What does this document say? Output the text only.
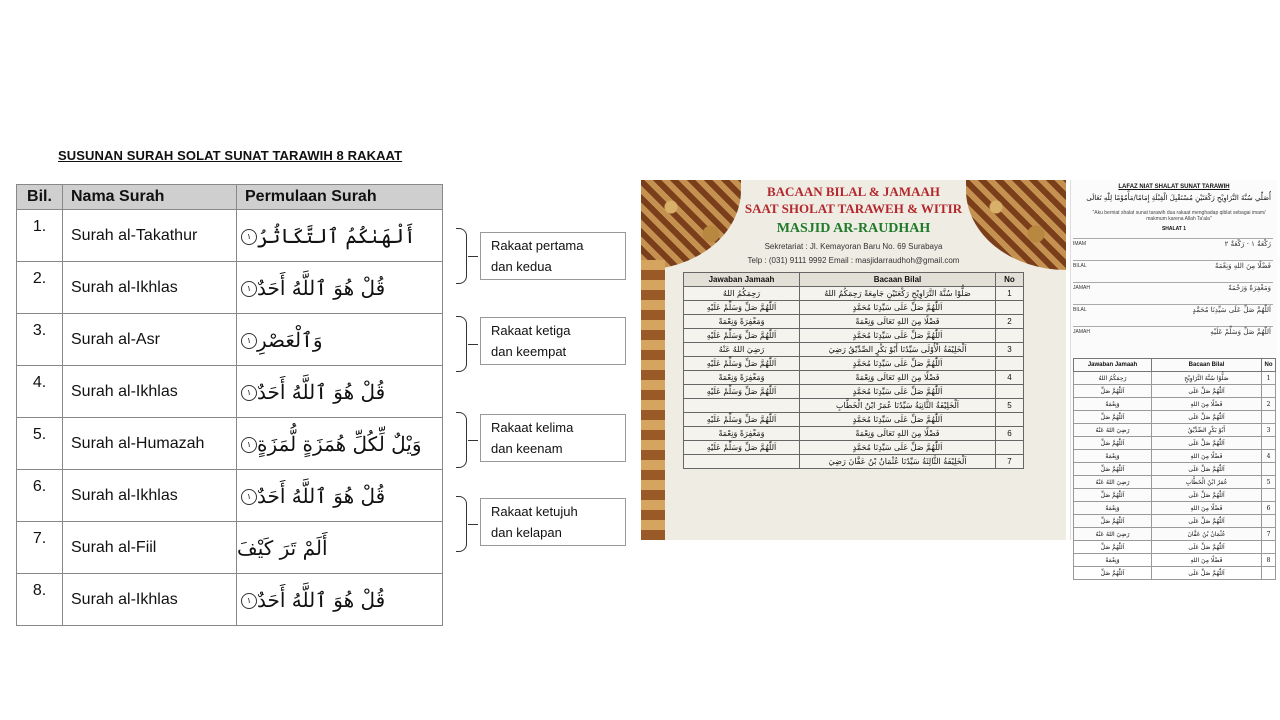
SUSUNAN SURAH SOLAT SUNAT TARAWIH 8 RAKAAT
Bil.	Nama Surah	Permulaan Surah
1.	Surah al-Takathur	أَلْهَىٰكُمُ ٱلتَّكَاثُرُ١
2.	Surah al-Ikhlas	قُلْ هُوَ ٱللَّهُ أَحَدٌ١
3.	Surah al-Asr	وَٱلْعَصْرِ١
4.	Surah al-Ikhlas	قُلْ هُوَ ٱللَّهُ أَحَدٌ١
5.	Surah al-Humazah	وَيْلٌ لِّكُلِّ هُمَزَةٍ لُّمَزَةٍ١
6.	Surah al-Ikhlas	قُلْ هُوَ ٱللَّهُ أَحَدٌ١
7.	Surah al-Fiil	أَلَمْ تَرَ كَيْفَ
8.	Surah al-Ikhlas	قُلْ هُوَ ٱللَّهُ أَحَدٌ١
Rakaat pertama
dan kedua
Rakaat ketiga
dan keempat
Rakaat kelima
dan keenam
Rakaat ketujuh
dan kelapan
BACAAN BILAL & JAMAAH
SAAT SHOLAT TARAWEH & WITIR
MASJID AR-RAUDHAH
Sekretariat : Jl. Kemayoran Baru No. 69 Surabaya
Telp : (031) 9111 9992 Email : masjidarraudhoh@gmail.com
Jawaban Jamaah	Bacaan Bilal	No
رَحِمَكُمُ اللهُ	صَلُّوْا سُنَّةَ التَّرَاوِيْحِ رَكْعَتَيْنِ جَامِعَةً رَحِمَكُمُ اللهُ	1
اَللّٰهُمَّ صَلِّ وَسَلِّمْ عَلَيْهِ	اَللّٰهُمَّ صَلِّ عَلَى سَيِّدِنَا مُحَمَّدٍ	
وَمَغْفِرَةً وَنِعْمَةً	فَضْلًا مِنَ اللهِ تَعَالَى وَنِعْمَةً	2
اَللّٰهُمَّ صَلِّ وَسَلِّمْ عَلَيْهِ	اَللّٰهُمَّ صَلِّ عَلَى سَيِّدِنَا مُحَمَّدٍ	
رَضِيَ اللهُ عَنْهُ	اَلْخَلِيْفَةُ الْأُوْلَى سَيِّدُنَا أَبُوْ بَكْرٍ الصِّدِّيْقُ رَضِيَ	3
اَللّٰهُمَّ صَلِّ وَسَلِّمْ عَلَيْهِ	اَللّٰهُمَّ صَلِّ عَلَى سَيِّدِنَا مُحَمَّدٍ	
وَمَغْفِرَةً وَنِعْمَةً	فَضْلًا مِنَ اللهِ تَعَالَى وَنِعْمَةً	4
اَللّٰهُمَّ صَلِّ وَسَلِّمْ عَلَيْهِ	اَللّٰهُمَّ صَلِّ عَلَى سَيِّدِنَا مُحَمَّدٍ	
	اَلْخَلِيْفَةُ الثَّانِيَةُ سَيِّدُنَا عُمَرُ ابْنُ الْخَطَّابِ	5
اَللّٰهُمَّ صَلِّ وَسَلِّمْ عَلَيْهِ	اَللّٰهُمَّ صَلِّ عَلَى سَيِّدِنَا مُحَمَّدٍ	
وَمَغْفِرَةً وَنِعْمَةً	فَضْلًا مِنَ اللهِ تَعَالَى وَنِعْمَةً	6
اَللّٰهُمَّ صَلِّ وَسَلِّمْ عَلَيْهِ	اَللّٰهُمَّ صَلِّ عَلَى سَيِّدِنَا مُحَمَّدٍ	
	اَلْخَلِيْفَةُ الثَّالِثَةُ سَيِّدُنَا عُثْمَانُ بْنُ عَفَّانَ رَضِيَ	7
LAFAZ NIAT SHALAT SUNAT TARAWIH
أُصَلِّي سُنَّةَ التَّرَاوِيْحِ رَكْعَتَيْنِ مُسْتَقْبِلَ الْقِبْلَةِ إِمَامًا/مَأْمُوْمًا لِلّٰهِ تَعَالَى
"Aku berniat shalat sunat tarawih dua rakaat menghadap qiblat sebagai imam/ makmum karena Allah Ta'ala"
SHALAT 1
IMAM	رَكْعَةٌ ١ · رَكْعَةٌ ٢
BILAL	فَضْلًا مِنَ اللهِ وَنِعْمَةً
JAMAH	وَمَغْفِرَةً وَرَحْمَةً
BILAL	اَللّٰهُمَّ صَلِّ عَلَى سَيِّدِنَا مُحَمَّدٍ
JAMAH	اَللّٰهُمَّ صَلِّ وَسَلِّمْ عَلَيْهِ
Jawaban Jamaah	Bacaan Bilal	No
رَحِمَكُمُ اللهُ	صَلُّوْا سُنَّةَ التَّرَاوِيْحِ	1
اَللّٰهُمَّ صَلِّ	اَللّٰهُمَّ صَلِّ عَلَى	
وَنِعْمَةً	فَضْلًا مِنَ اللهِ	2
اَللّٰهُمَّ صَلِّ	اَللّٰهُمَّ صَلِّ عَلَى	
رَضِيَ اللهُ عَنْهُ	أَبُوْ بَكْرٍ الصِّدِّيْقُ	3
اَللّٰهُمَّ صَلِّ	اَللّٰهُمَّ صَلِّ عَلَى	
وَنِعْمَةً	فَضْلًا مِنَ اللهِ	4
اَللّٰهُمَّ صَلِّ	اَللّٰهُمَّ صَلِّ عَلَى	
رَضِيَ اللهُ عَنْهُ	عُمَرُ ابْنُ الْخَطَّابِ	5
اَللّٰهُمَّ صَلِّ	اَللّٰهُمَّ صَلِّ عَلَى	
وَنِعْمَةً	فَضْلًا مِنَ اللهِ	6
اَللّٰهُمَّ صَلِّ	اَللّٰهُمَّ صَلِّ عَلَى	
رَضِيَ اللهُ عَنْهُ	عُثْمَانُ بْنُ عَفَّانَ	7
اَللّٰهُمَّ صَلِّ	اَللّٰهُمَّ صَلِّ عَلَى	
وَنِعْمَةً	فَضْلًا مِنَ اللهِ	8
اَللّٰهُمَّ صَلِّ	اَللّٰهُمَّ صَلِّ عَلَى	
